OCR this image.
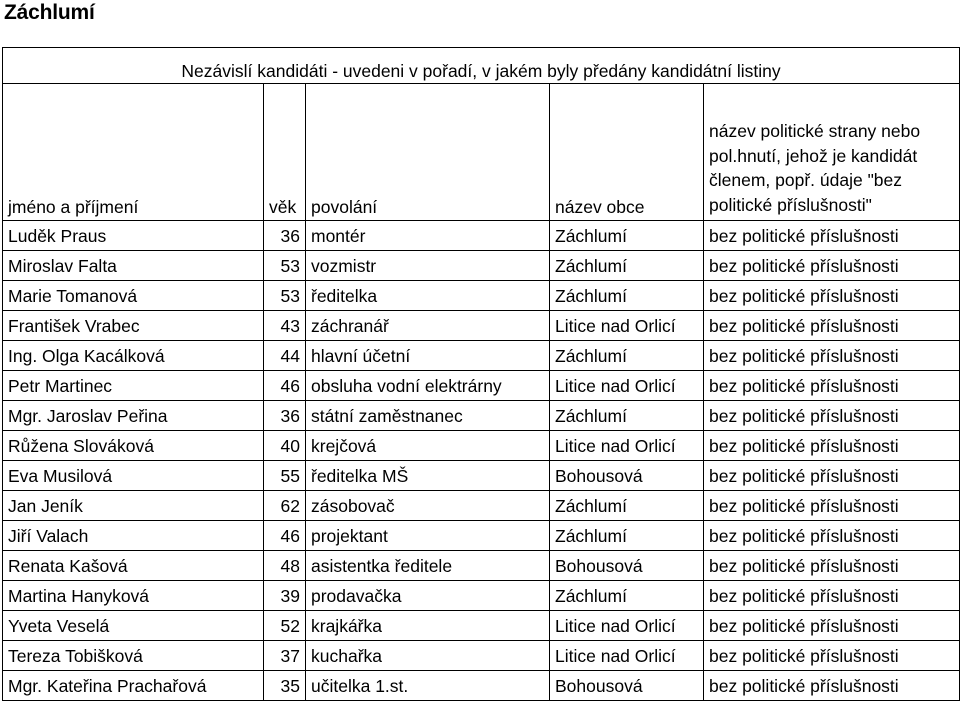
Záchlumí
Nezávislí kandidáti - uvedeni v pořadí, v jakém byly předány kandidátní listiny				
jméno a příjmení	věk	povolání	název obce	název politické strany nebo pol.hnutí, jehož je kandidát členem, popř. údaje "bez politické příslušnosti"
Luděk Praus	36	montér	Záchlumí	bez politické příslušnosti
Miroslav Falta	53	vozmistr	Záchlumí	bez politické příslušnosti
Marie Tomanová	53	ředitelka	Záchlumí	bez politické příslušnosti
František Vrabec	43	záchranář	Litice nad Orlicí	bez politické příslušnosti
Ing. Olga Kacálková	44	hlavní účetní	Záchlumí	bez politické příslušnosti
Petr Martinec	46	obsluha vodní elektrárny	Litice nad Orlicí	bez politické příslušnosti
Mgr. Jaroslav Peřina	36	státní zaměstnanec	Záchlumí	bez politické příslušnosti
Růžena Slováková	40	krejčová	Litice nad Orlicí	bez politické příslušnosti
Eva Musilová	55	ředitelka MŠ	Bohousová	bez politické příslušnosti
Jan Jeník	62	zásobovač	Záchlumí	bez politické příslušnosti
Jiří Valach	46	projektant	Záchlumí	bez politické příslušnosti
Renata Kašová	48	asistentka ředitele	Bohousová	bez politické příslušnosti
Martina Hanyková	39	prodavačka	Záchlumí	bez politické příslušnosti
Yveta Veselá	52	krajkářka	Litice nad Orlicí	bez politické příslušnosti
Tereza Tobišková	37	kuchařka	Litice nad Orlicí	bez politické příslušnosti
Mgr. Kateřina Prachařová	35	učitelka 1.st.	Bohousová	bez politické příslušnosti
